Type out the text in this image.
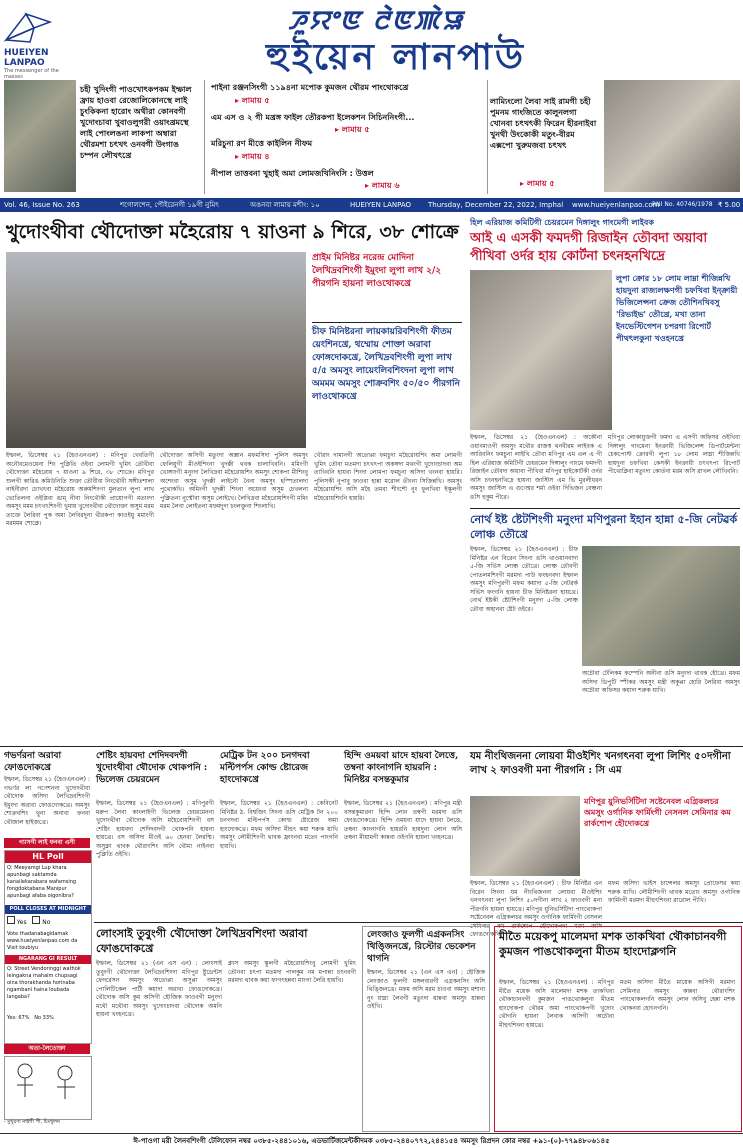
HUEIYEN
LANPAO
The messenger of the masses
ꯍꯨꯌꯦꯟ ꯂꯥꯟꯄꯥꯎ
হুইয়েন লানপাউ
চহী খুদিংগী পাওখোৎকপকম ইম্ফাল ফ্রায় হাওবা রেজোলিকোনস্থে লাই চুংকিকনা হারোং অথীরা কোনবগী খুদোংচাবা খুবাওলুগরী ওয়াংখ্রমস্থে লাই পোংলঙনা লাকপা অম্বারা থৌরমশা চৎখৎ ওনবগী উংগাঙ চম্পন লৌখৎখ্রে
পাইনা রঞ্জনসিংগী ১১৯৪না মপোক কুমজন থৌরম পাংথোকখ্রে
▸ লামায় ৫
এম এস ও ২ গী মখ্রঙ্গ ফাইল তৌরকপা ইলেকশন সিচিননিংগী...
▸ লামায় ৫
মরিচুনা রণ মীত্তে কাইলিন নীফম
▸ লামায় ৪
নীপাল তাত্তবনা খুহাই অমা লোমজখিনিংসি : উত্তল
▸ লামায় ৬
লাম্যিংলো লৈবা সাই রামগী চহী পুমনম গাংজিতে কালুনলগা খোনবা চৎখৎকী ফিরেন হীরনাইবা খুনথী উংকোকী মতুং-বীরম এক্সপো খুরুমজবা চৎখৎ
▸ লামায় ৫
Vol. 46, Issue No. 263	শগোলশেন, পৌইরেনগী ১৯গী নুমিৎ	অঙনবা লামায় মশীং: ১০	HUEIYEN LANPAO Thursday, December 22, 2022, Imphal www.hueiyenlanpao.com
RNI No. 40746/1978 ₹ 5.00
খুদোংথীবা থৌদোক্তা মহৈরোয় ৭ য়াওনা ৯ শিরে, ৩৮ শোক্রে
প্রাইম মিনিষ্টর নরেন্দ্র মোদিনা লৈখিদ্রবশিংগী ইমুংদা লুপা লাখ ২/২ পীরগনি হায়না লাওথোকখ্রে
চীফ মিনিষ্টরনা লায়কায়রিবশিংগী ফীতম য়েংশিনখ্রে, থম্মোয় শোক্তা অরাবা ফোঙ্গদোকখ্রে, লৈখিদ্রবশিংগী লুপা লাখ ৫/৫ অমসুং লায়েংলিবশিংদনা লুপা লাখ অমমম অমসুং শোক্রবশিং ৫০/৫০ পীরগনি লাওথোকখ্রে
ইম্ফাল, ডিসেম্বর ২১ (হৈওএনএল) : মণিপুর খেবতিগী অনৌবমেওয়েনা শিং পুক্লিতি ওইবা লোমগী খুমিৎ তৌবীবা থৌদোক্তা মহৈরোয় ৭ য়াওনা ৯ শিরে, ৩৮ শোক্রে। মণিপুর শুলগী কারিঙ কমিউনিতি শুক্তা তৌবীবা নিংথৌবী সঙ্গীতশালা নাইনীরদা চোখৎবা মহৈরোয় অরুমশিংগা মুলতান লুপা লাখ ভোতিলনা ওইপ্লিবা ঙাম্ নীবা নিংথৌকী প্রায়োগগী মতাংদা অমসুং মমম চৎখৎশিংগী খুমায় খুদোংথীবা থৌদোক্তা অসুম মরম তাক্তে লৈরিবা পুক অমা লৈবিরদুনা থীরকপা কাওইয়ু মমাংগী মরমমম শোক্লে।
থৌদোক্তা অসিগী মতুংদা অক্সান মফমসিদা পুলিস অমসুং ফেলিয়ুগী মীওইশিংনা খুদক্কী থবক চালাখিবনি। মমিংগী খোঙ্গাংগী মনুংদা লৈখিদ্রবা মহৈরোয়শিং অমসুং শোকপা মীশিংবু অশেংবা অসুম খুদক্কী লাইনৌ নৈনা অমসুং হস্পিতালদা পুথোকখি। অমিংগী খুদক্কী শিংনা অয়েংবা অসুম চেখলনা পুক্লিতনা নুম্মৌবা অসুম লোইখে। লৈখিদ্রবা মহৈরোয়শিংগী মমিং মরম লৈবা লোইতনা মফমদুদা চংলক্তুনা শিংলাখি।
খৌরাং দামানগী অতোপ্পা ফমচুদা মহৈরোয়শিং অমা লোমগী খুমিৎ তৌবা মতমদা চৎখৎপা অকঙ্গদা মথংগী খুদোংচাদবা অম তাখিবনি হায়বা শিংদা লোমপা ফমচুনা অসিদা খংনবা হায়রি। পুলিসকী নুপাবু ফাওবা হান্না মরোল তীংনা সিজিন্নখি। অমসুং মহৈরোয়শিং অসি মহৈ তমবা শীংশৌ নুং ফুনখিবা ইস্কূলগী মহৈরোয়শিংনি হায়রি।
হিল এরিয়াজ কমিটিগী চেয়রমেন দিঙ্গালুং গাংমেগী লাইবক
আই এ এসকী ফমদগী রিজাইন তৌবদা অয়াবা পীখিবা ওর্দর হায় কোর্টনা চৎনহনখিদ্রে
লুপা ক্রোর ১৮ লোম লাম্না শীজিন্নখি হায়দুনা রাজ্যলক্ষণগী চফখিবা ইন্ক্রায়ী ভিজিলেন্সনা ক্রেজ তৌশিনখিবসু 'রিভাইভ' তৌখ্রে, মখা তানা ইনভেস্টিগেশন চপরগা রিপোর্ট পীথৎলকুনা খওহনখ্রে
ইম্ফাল, ডিসেম্বর ২১ (হৈওএনএল) : অকৌনা ওয়াংমাওগী অমসুং মথৌর রাজস্ব থনবীরম লাইবক এ আরিবনিং ফমচুনা লাইখি তৌবা মণিপুর এম এল এ গী হিল এরিয়াজ কমিটিগী চেয়রমেন দিঙ্গালুং গাংমে ফমদগী রিজাইন তৌবদা অয়াবা পীখিবা মণিপুর হাইকোর্টকী ওর্দর অসি চৎনহনখিদ্রে হায়না জাস্টিস এম ভি মুরলীধরন অমসুং জাস্টিস এ গুণেশ্বর শর্মা ওইবা দিভিজন বেঞ্চনা ঙসি হুকুম পীরে।
মণিপুর লোকায়ুক্তগী ফমদা এ এসগী অফিসর ওইখিবা দিঙ্গালুং গাংমেনা ইনক্রায়ী ভিজিলেন্স ডিপার্টমেন্টনা চেকপোস্ট ক্রোরগী লুপা ১৮ লোম লাম্না শীজিন্নখি হায়দুনা চফখিবা কেসকী ইনক্রায়ী চৎখৎপা রিপোর্ট পীথোক্লিবা মতুংদা কোর্তনা মরম অসি ৱাখল লৌখিবনি।
নোর্থ ইষ্ট ষ্টেটশিংগী মনুংদা মণিপুরনা ইহান হান্না ৫-জি নেটৱর্ক লোঞ্চ তৌখ্রে
ইম্ফাল, ডিসেম্বর ২১ (হৈওএনএল) : চীফ মিনিষ্টর এন বিরেন সিংনা ঙসি থাওয়ানবাদা ৫-জি সর্ভিস লোঞ্চ তৌখ্রে। লোঞ্চ তৌবগী পোতলমশিংগী মরমদা পাউ ফংহনবদা ইম্ফাল অমসুং মণিপুরগী মফম কয়াদা ৫-জি নেটৱর্ক সর্ভিস ফংগনি হায়না চীফ মিনিষ্টরনা হায়খ্রে। নোর্থ ইষ্টকী ষ্টেটশিংগী মনুংদা ৫-জি লোঞ্চ তৌবা অহানবা ষ্টেট ওইরে।
অচৌবা টেলিকম কম্পেনি অনীনা ঙসি মনুংদা থাবক হৌখ্রে। মফম অসিদা ডিপুটি স্পীকর অমসুং মন্ত্রী অকুপ্পা হোরি লৈরিবা অমসুং অচৌবা অফিসর কয়াদা শরুক য়াখি।
গভর্ণরনা অরাবা ফোঙদোকখ্রে
ইম্ফাল, ডিসেম্বর ২১ (হৈওএনএল) : গভর্ণর লা গণেশননা খুদোংথীবা থৌদোক অসিদা লৈখিদ্রবশিংগী ইমুংদা অরাবা ফোঙদোকখ্রে। অমসুং শোক্রবশিং থুনা অনাবা ফনবা থৌজাল হাইজখ্রে।
গ্যাসগী লাই ফনবা এসী
HL Poll
Q: Meeyamgi Lup khara apunbagi saktamda kanailekarabara wafamsing fongdoktabana Manipur apunbagi afaba oigonibra?
POLL CLOSES AT MIDNIGHT
Yes	No
Vote thadanabagidamak www.hueiyenlanpao.com da Visit toubiyu
NGARANG GI RESULT
Q: Street Vendoringgi wathok leingakna mahaim chupsagi oina thorakhanda horinaba ngambani haina loubada langaba?
Yes: 67% No 33%
অতা-লৈতোক্তা
- মুখুরণা নাইগী পী, চিংখুলন
শেষ্টিং হায়বদা শেদিদবদগী খুদোংথীবা থৌদোক থোকপনি : ভিলেজ চেয়রমেন
ইম্ফাল, ডিসেম্বর ২১ (হৈওএনএল) : মণিপুরগী মরুপ লৈবা কাংলাইগী ভিলেজ চেয়রমেননা খুদোংথীবা থৌদোক অসি মহৈরোয়শিংগী বস শেষ্টিং হায়বদা শেদিদবদগী থোকপনি হায়না হায়খ্রে। বস অসিদা মীওই ৬০ হেনবা লৈরম্মি। অসুক্লা থাবক থৌরাংশিং অসি থৌমা নাইনবা পুক্লিতি ওইখি।
মেট্রিক টন ২০০ চনগদবা মল্টিপর্পস কোল্ড ষ্টোরেজ হাংদোকখ্রে
ইম্ফাল, ডিসেম্বর ২১ (হৈওএনএল) : কেবিনেট মিনিষ্টর ঠ. বিশ্বজিৎ সিংনা ঙসি মেট্রিক টন ২০০ চনগদবা মল্টিপর্পস কোল্ড ষ্টোরেজ অমা হাংদোকখ্রে। মফম অসিদা মীহুৎ কয়া শরুক য়াখি অমসুং লৌমীশিংগী থাবক ফ্ৰাংনবা মতেং পাংগনি হায়খি।
হিন্দি ওময়বা য়াদে হায়বা লৈত্তে, তম্বনা কাংনাগনি হায়রনি : মিনিষ্টর বসন্তকুমার
ইম্ফাল, ডিসেম্বর ২১ (হৈওএনএল) : মণিপুর মন্ত্রী বসন্তকুমারনা হিন্দি লোন তম্বগী মরমদা ঙসি ফোঙদোকখ্রে। হিন্দি ওময়বা য়াদে হায়বা লৈত্তে, তম্বনা কাংনাগনি হায়রনি হায়দুনা লোন অসি তম্বনা মীয়ামগী কান্নবা ওইগনি হায়না খংহনখ্রে।
যম নীংথিজননা লোয়বা মীওইশিং খনগৎনবা লুপা লিশিং ৫০দগীনা লাখ ২ ফাওবগী মনা পীরগনি : সি এম
মণিপুর য়ুনিভর্সিটিদা সষ্টেনেবল এগ্রিকলচর অমসুং ওর্গানিক ফার্মিংগী নেসনল সেমিনার কম রার্কশোপ হৌদোকখ্রে
ইম্ফাল, ডিসেম্বর ২১ (হৈওএনএল) : চীফ মিনিষ্টর এন বিরেন সিংনা যম নীংথিজননা লোয়বা মীওইশিং খনগৎনবা লুপা লিশিং ৫০দগীনা লাখ ২ ফাওবগী মনা পীরগনি হায়না হায়খ্রে। মণিপুর য়ুনিভর্সিটিদা পাংথোকপা সষ্টেনেবল এগ্রিকলচর অমসুং ওর্গানিক ফার্মিংগী নেসনল সেমিনার কম ৱার্কশোপ হৌদোকপদা মরম অসি ফোঙদোকখি।
মফম অসিদা ভাইস চান্সেলর অমসুং প্রোফেসর কয়া শরুক য়াখি। লৌমীশিংগী থাবক মতোং অমসুং ওর্গানিক ফার্মিংগী মরমদা মীহুৎশিংনা ৱারোল পীখি।
লোংসাই তুবুংগী থৌদোক্তা লৈখিদ্রবশিংদা অরাবা ফোঙদোকখ্রে
ইম্ফাল, ডিসেম্বর ২১ (এন এস এন) : লোংসাই তুবুংগী থৌদোক্তা লৈখিদ্রবশিংদা মণিপুর ষ্টুডেন্টস ফেদরেসন অমসুং অতোপ্পা অসুপ্পা অমসুং পোলিটিকেল পার্টী কয়াদা অরাবা ফোঙদোকখ্রে। থৌদোক অসি কুম অসিগী হৌজিক ফাওবগী মনুংদা মথৌ মথৌবা অমসুং খুদোংচাদবা থৌদোক অমনি হায়না খংহনখ্রে।
ক্লাস অমসুং স্কুলগী মহৈরোয়শিংবু লোমগী খুমিৎ তৌনবা চৎপা মতমদা পালকুম নম মপান্না চৎনবগী মরমদা থাবক কয়া ফাগৎহন্নবা মাংগা লৈরি হায়খি।
লেংজাও ফুলগী এগ্রকনসিং থিঙ্জিনখ্রে, রিস্টোর ভেকেশন থাগনি
ইম্ফাল, ডিসেম্বর ২১ (এন এস এন) : হৌজিক লেংজাও ফুলগী মঙ্গলবারগী এগ্রকনসিং অসি থিঙ্জিনখ্রে। মফম অসি মরম চাওবা অমসুং মশানা নুং য়াম্না লৈবগী মতুংদা য়ান্নবা অমসুং য়ান্নবা ওইখি।
মীতৈ ময়েকপু মালেমদা মশক তাকখিবা থৌকাচানবগী কুমজন পাঙথোকলুনা মীতম হাংদোক্লগনি
ইম্ফাল, ডিসেম্বর ২১ (হৈওএনএল) : মণিপুর মীতৈ ময়েক অসি মালেমদা মশক তাকখিবা থৌকাচানবগী কুমজন পাঙথোকলুনা মীতম হাংদোকপা থৌরম অমা পাংথোকপগী খুদোং থৌগনি হায়না লৈবাক অসিগী অচৌবা মীহুৎশিংনা হায়খ্রে।
মতম অসিদা মীতৈ মায়েক অসিগী মরমদা সেমিনার অমসুং কান্নবা থৌরাংশিং পাংথোকলগনি অমসুং লোন অসিবু হেন্না মশক থোকনবা হোৎনগনি।
ঈ-পাওগা মরী লৈনবশিংগী টেলিফোন নম্বর ০৩৮৫-২৪৪১০১৬, এডভার্টিজমেন্টকীদমক ০৩৮৫-২৪৪০৭৭২,২৪৪১৫৪ অমসুং রিপ্রদন কোর নম্বর +৯১-(০)-৭৭৯৪৮০৬১৪৫
